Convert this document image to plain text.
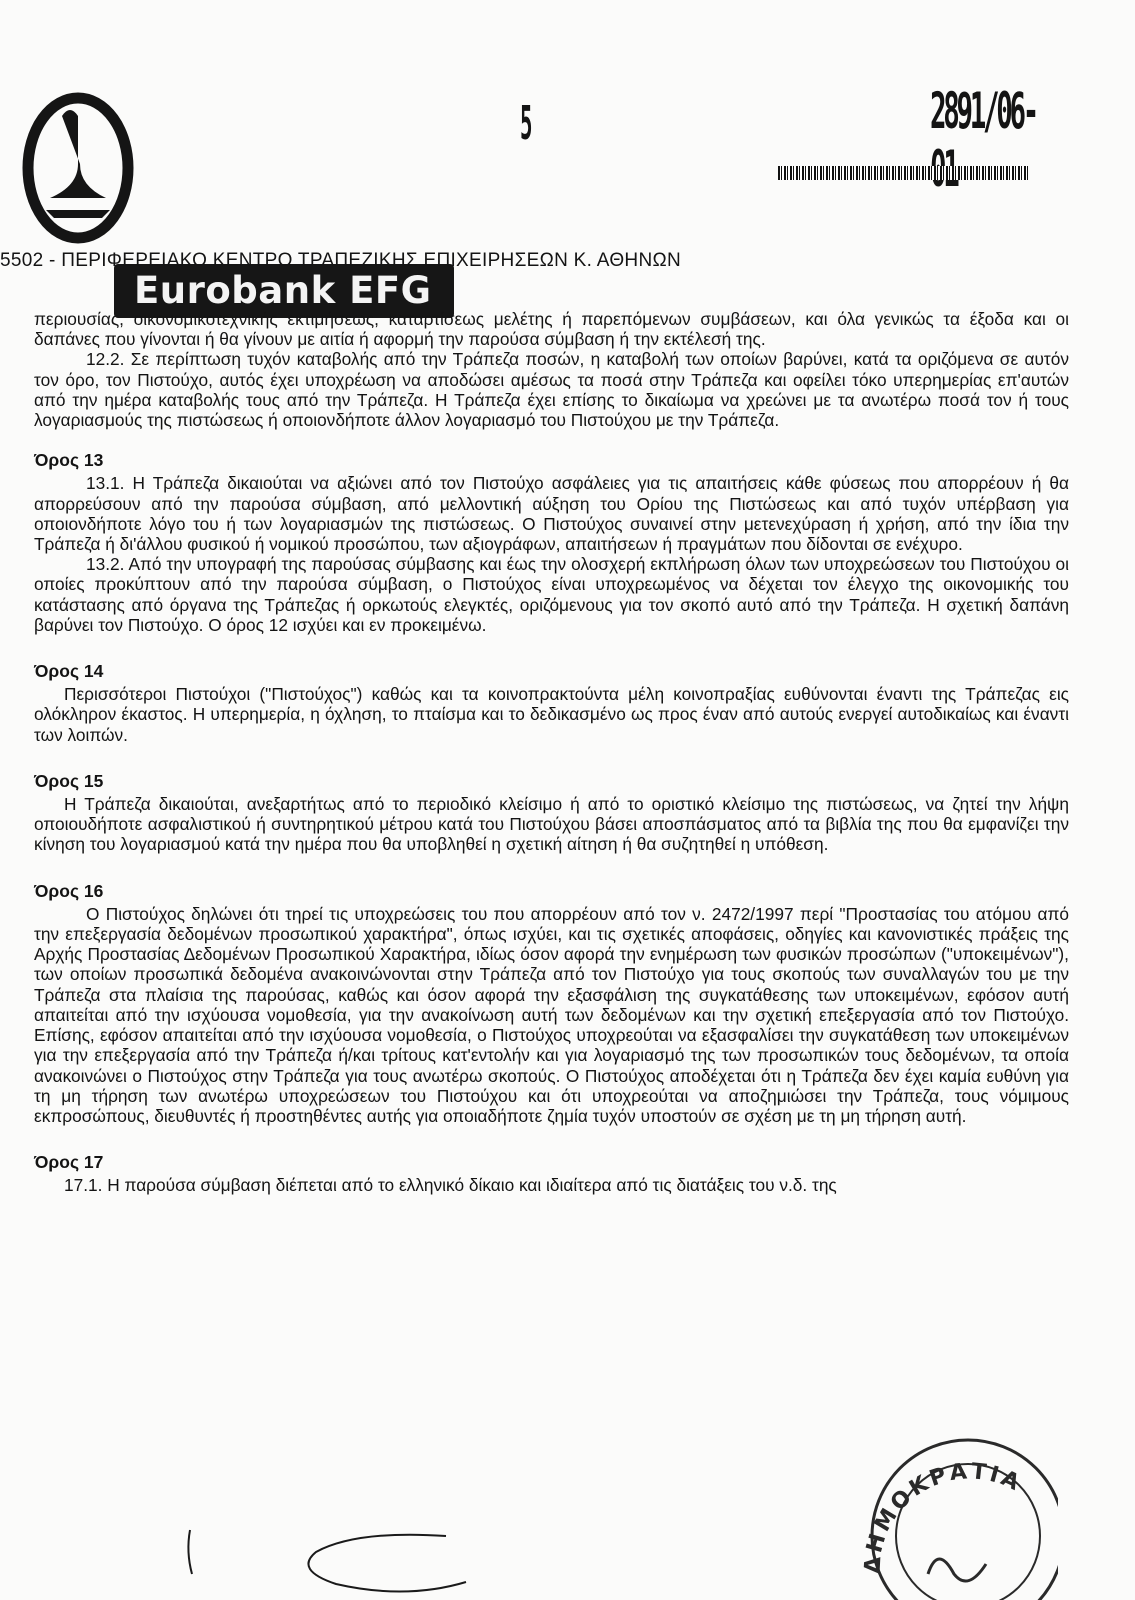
Eurobank EFG
5	2891/06-
5502 - ΠΕΡΙΦΕΡΕΙΑΚΟ ΚΕΝΤΡΟ ΤΡΑΠΕΖΙΚΗΣ ΕΠΙΧΕΙΡΗΣΕΩΝ Κ. ΑΘΗΝΩΝ

περιουσίας, οικονομικοτεχνικής εκτιμήσεως, καταρτίσεως μελέτης ή παρεπόμενων συμβάσεων, και όλα γενικώς τα έξοδα και οι δαπάνες που γίνονται ή θα γίνουν με αιτία ή αφορμή την παρούσα σύμβαση ή την εκτέλεσή της.

12.2. Σε περίπτωση τυχόν καταβολής από την Τράπεζα ποσών, η καταβολή των οποίων βαρύνει, κατά τα οριζόμενα σε αυτόν τον όρο, τον Πιστούχο, αυτός έχει υποχρέωση να αποδώσει αμέσως τα ποσά στην Τράπεζα και οφείλει τόκο υπερημερίας επ'αυτών από την ημέρα καταβολής τους από την Τράπεζα. Η Τράπεζα έχει επίσης το δικαίωμα να χρεώνει με τα ανωτέρω ποσά τον ή τους λογαριασμούς της πιστώσεως ή οποιονδήποτε άλλον λογαριασμό του Πιστούχου με την Τράπεζα.

Όρος 13

13.1. Η Τράπεζα δικαιούται να αξιώνει από τον Πιστούχο ασφάλειες για τις απαιτήσεις κάθε φύσεως που απορρέουν ή θα απορρεύσουν από την παρούσα σύμβαση, από μελλοντική αύξηση του Ορίου της Πιστώσεως και από τυχόν υπέρβαση για οποιονδήποτε λόγο του ή των λογαριασμών της πιστώσεως. Ο Πιστούχος συναινεί στην μετενεχύραση ή χρήση, από την ίδια την Τράπεζα ή δι'άλλου φυσικού ή νομικού προσώπου, των αξιογράφων, απαιτήσεων ή πραγμάτων που δίδονται σε ενέχυρο.

13.2. Από την υπογραφή της παρούσας σύμβασης και έως την ολοσχερή εκπλήρωση όλων των υποχρεώσεων του Πιστούχου οι οποίες προκύπτουν από την παρούσα σύμβαση, ο Πιστούχος είναι υποχρεωμένος να δέχεται τον έλεγχο της οικονομικής του κατάστασης από όργανα της Τράπεζας ή ορκωτούς ελεγκτές, οριζόμενους για τον σκοπό αυτό από την Τράπεζα. Η σχετική δαπάνη βαρύνει τον Πιστούχο. Ο όρος 12 ισχύει και εν προκειμένω.

Όρος 14

Περισσότεροι Πιστούχοι ("Πιστούχος") καθώς και τα κοινοπρακτούντα μέλη κοινοπραξίας ευθύνονται έναντι της Τράπεζας εις ολόκληρον έκαστος. Η υπερημερία, η όχληση, το πταίσμα και το δεδικασμένο ως προς έναν από αυτούς ενεργεί αυτοδικαίως και έναντι των λοιπών.

Όρος 15

Η Τράπεζα δικαιούται, ανεξαρτήτως από το περιοδικό κλείσιμο ή από το οριστικό κλείσιμο της πιστώσεως, να ζητεί την λήψη οποιουδήποτε ασφαλιστικού ή συντηρητικού μέτρου κατά του Πιστούχου βάσει αποσπάσματος από τα βιβλία της που θα εμφανίζει την κίνηση του λογαριασμού κατά την ημέρα που θα υποβληθεί η σχετική αίτηση ή θα συζητηθεί η υπόθεση.

Όρος 16

Ο Πιστούχος δηλώνει ότι τηρεί τις υποχρεώσεις του που απορρέουν από τον ν. 2472/1997 περί "Προστασίας του ατόμου από την επεξεργασία δεδομένων προσωπικού χαρακτήρα", όπως ισχύει, και τις σχετικές αποφάσεις, οδηγίες και κανονιστικές πράξεις της Αρχής Προστασίας Δεδομένων Προσωπικού Χαρακτήρα, ιδίως όσον αφορά την ενημέρωση των φυσικών προσώπων ("υποκειμένων"), των οποίων προσωπικά δεδομένα ανακοινώνονται στην Τράπεζα από τον Πιστούχο για τους σκοπούς των συναλλαγών του με την Τράπεζα στα πλαίσια της παρούσας, καθώς και όσον αφορά την εξασφάλιση της συγκατάθεσης των υποκειμένων, εφόσον αυτή απαιτείται από την ισχύουσα νομοθεσία, για την ανακοίνωση αυτή των δεδομένων και την σχετική επεξεργασία από τον Πιστούχο. Επίσης, εφόσον απαιτείται από την ισχύουσα νομοθεσία, ο Πιστούχος υποχρεούται να εξασφαλίσει την συγκατάθεση των υποκειμένων για την επεξεργασία από την Τράπεζα ή/και τρίτους κατ'εντολήν και για λογαριασμό της των προσωπικών τους δεδομένων, τα οποία ανακοινώνει ο Πιστούχος στην Τράπεζα για τους ανωτέρω σκοπούς. Ο Πιστούχος αποδέχεται ότι η Τράπεζα δεν έχει καμία ευθύνη για τη μη τήρηση των ανωτέρω υποχρεώσεων του Πιστούχου και ότι υποχρεούται να αποζημιώσει την Τράπεζα, τους νόμιμους εκπροσώπους, διευθυντές ή προστηθέντες αυτής για οποιαδήποτε ζημία τυχόν υποστούν σε σχέση με τη μη τήρηση αυτή.

Όρος 17

17.1. Η παρούσα σύμβαση διέπεται από το ελληνικό δίκαιο και ιδιαίτερα από τις διατάξεις του ν.δ. της

ΔΗΜΟΚΡΑΤΙΑ
